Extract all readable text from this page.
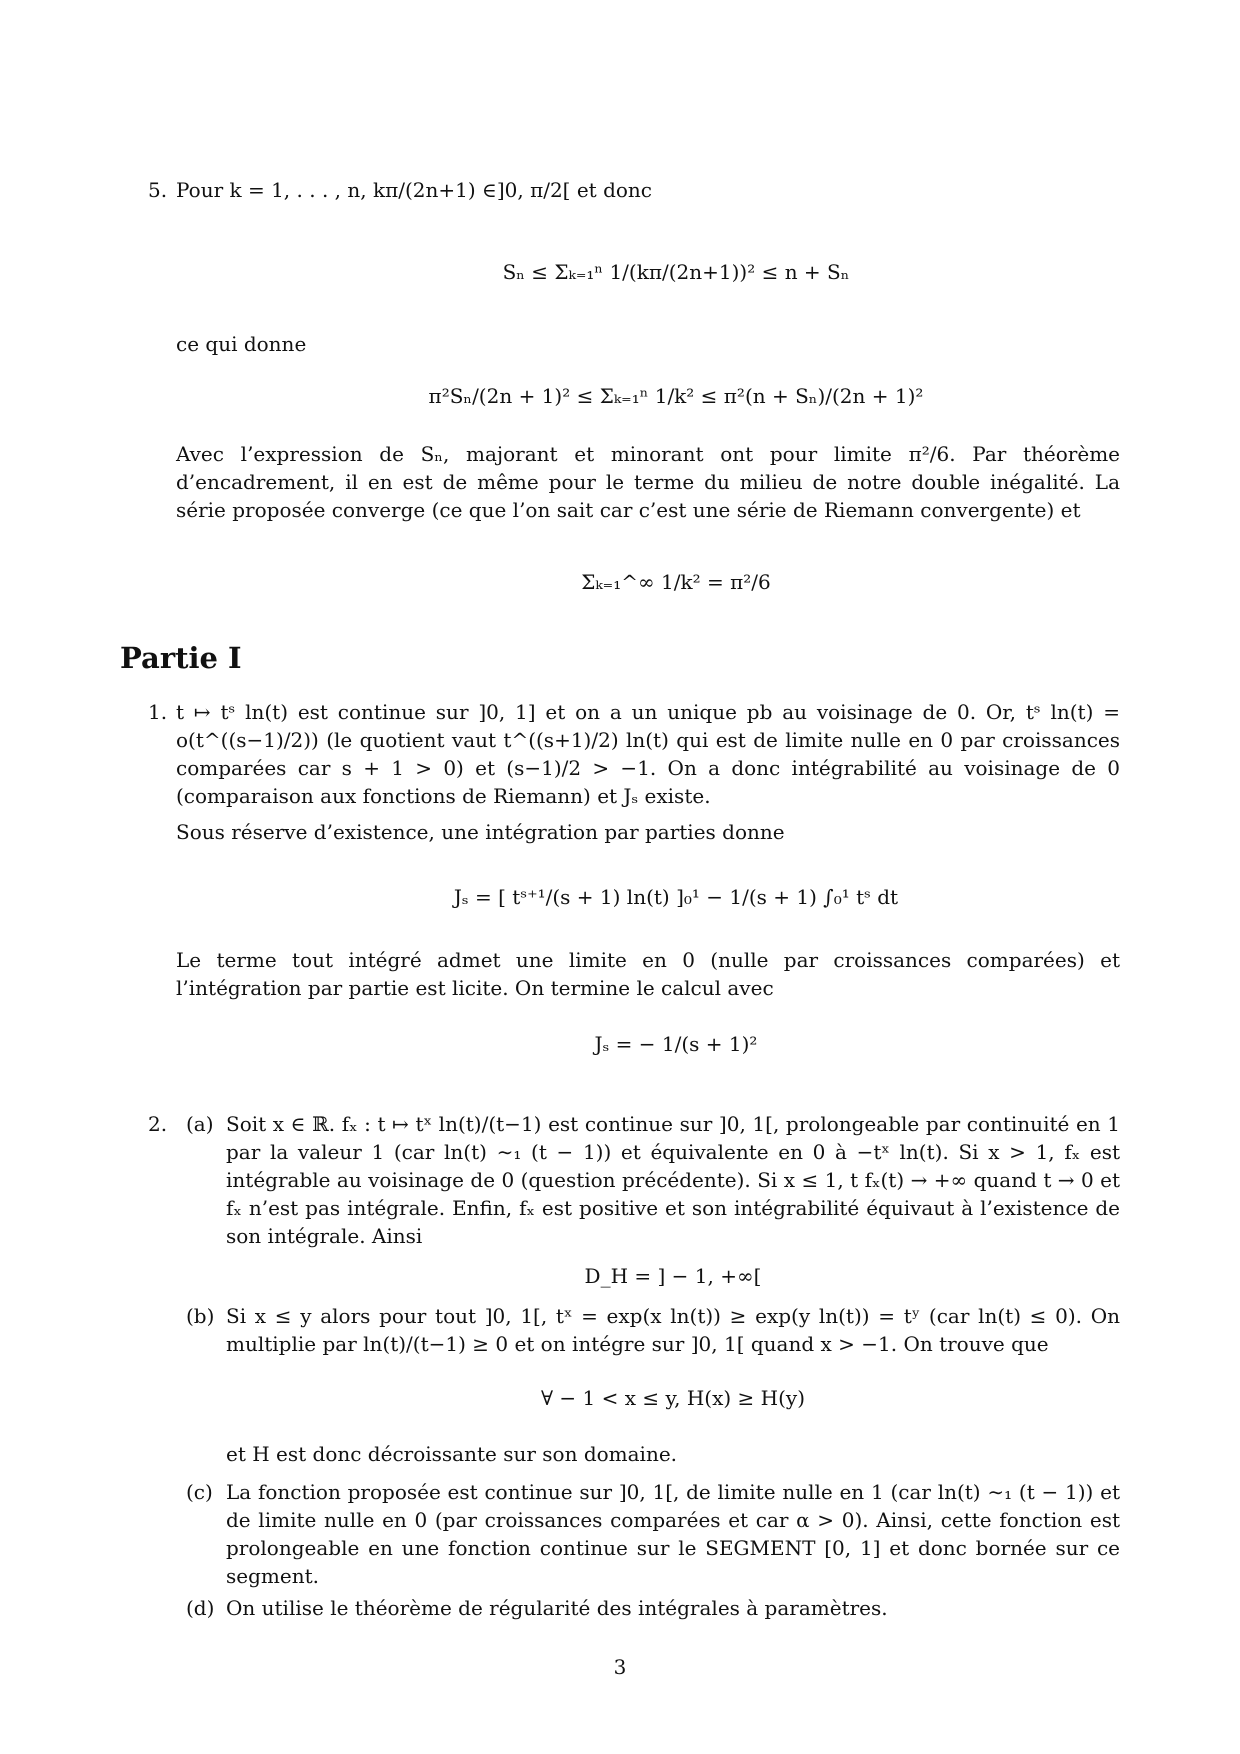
5. Pour k = 1, . . . , n, kπ/(2n+1) ∈]0, π/2[ et donc
Sₙ ≤ Σₖ₌₁ⁿ 1/(kπ/(2n+1))² ≤ n + Sₙ
ce qui donne
π²Sₙ/(2n + 1)² ≤ Σₖ₌₁ⁿ 1/k² ≤ π²(n + Sₙ)/(2n + 1)²
Avec l’expression de Sₙ, majorant et minorant ont pour limite π²/6. Par théorème d’encadrement, il en est de même pour le terme du milieu de notre double inégalité. La série proposée converge (ce que l’on sait car c’est une série de Riemann convergente) et
Σₖ₌₁^∞ 1/k² = π²/6
Partie I
1. t ↦ tˢ ln(t) est continue sur ]0, 1] et on a un unique pb au voisinage de 0. Or, tˢ ln(t) = o(t^((s−1)/2)) (le quotient vaut t^((s+1)/2) ln(t) qui est de limite nulle en 0 par croissances comparées car s + 1 > 0) et (s−1)/2 > −1. On a donc intégrabilité au voisinage de 0 (comparaison aux fonctions de Riemann) et Jₛ existe.
Sous réserve d’existence, une intégration par parties donne
Jₛ = [ tˢ⁺¹/(s + 1) ln(t) ]₀¹ − 1/(s + 1) ∫₀¹ tˢ dt
Le terme tout intégré admet une limite en 0 (nulle par croissances comparées) et l’intégration par partie est licite. On termine le calcul avec
Jₛ = − 1/(s + 1)²
2. (a) Soit x ∈ ℝ. fₓ : t ↦ tˣ ln(t)/(t−1) est continue sur ]0, 1[, prolongeable par continuité en 1 par la valeur 1 (car ln(t) ∼₁ (t − 1)) et équivalente en 0 à −tˣ ln(t). Si x > 1, fₓ est intégrable au voisinage de 0 (question précédente). Si x ≤ 1, t fₓ(t) → +∞ quand t → 0 et fₓ n’est pas intégrale. Enfin, fₓ est positive et son intégrabilité équivaut à l’existence de son intégrale. Ainsi
D_H = ] − 1, +∞[
(b) Si x ≤ y alors pour tout ]0, 1[, tˣ = exp(x ln(t)) ≥ exp(y ln(t)) = tʸ (car ln(t) ≤ 0). On multiplie par ln(t)/(t−1) ≥ 0 et on intégre sur ]0, 1[ quand x > −1. On trouve que
∀ − 1 < x ≤ y, H(x) ≥ H(y)
et H est donc décroissante sur son domaine.
(c) La fonction proposée est continue sur ]0, 1[, de limite nulle en 1 (car ln(t) ∼₁ (t − 1)) et de limite nulle en 0 (par croissances comparées et car α > 0). Ainsi, cette fonction est prolongeable en une fonction continue sur le SEGMENT [0, 1] et donc bornée sur ce segment.
(d) On utilise le théorème de régularité des intégrales à paramètres.
3
